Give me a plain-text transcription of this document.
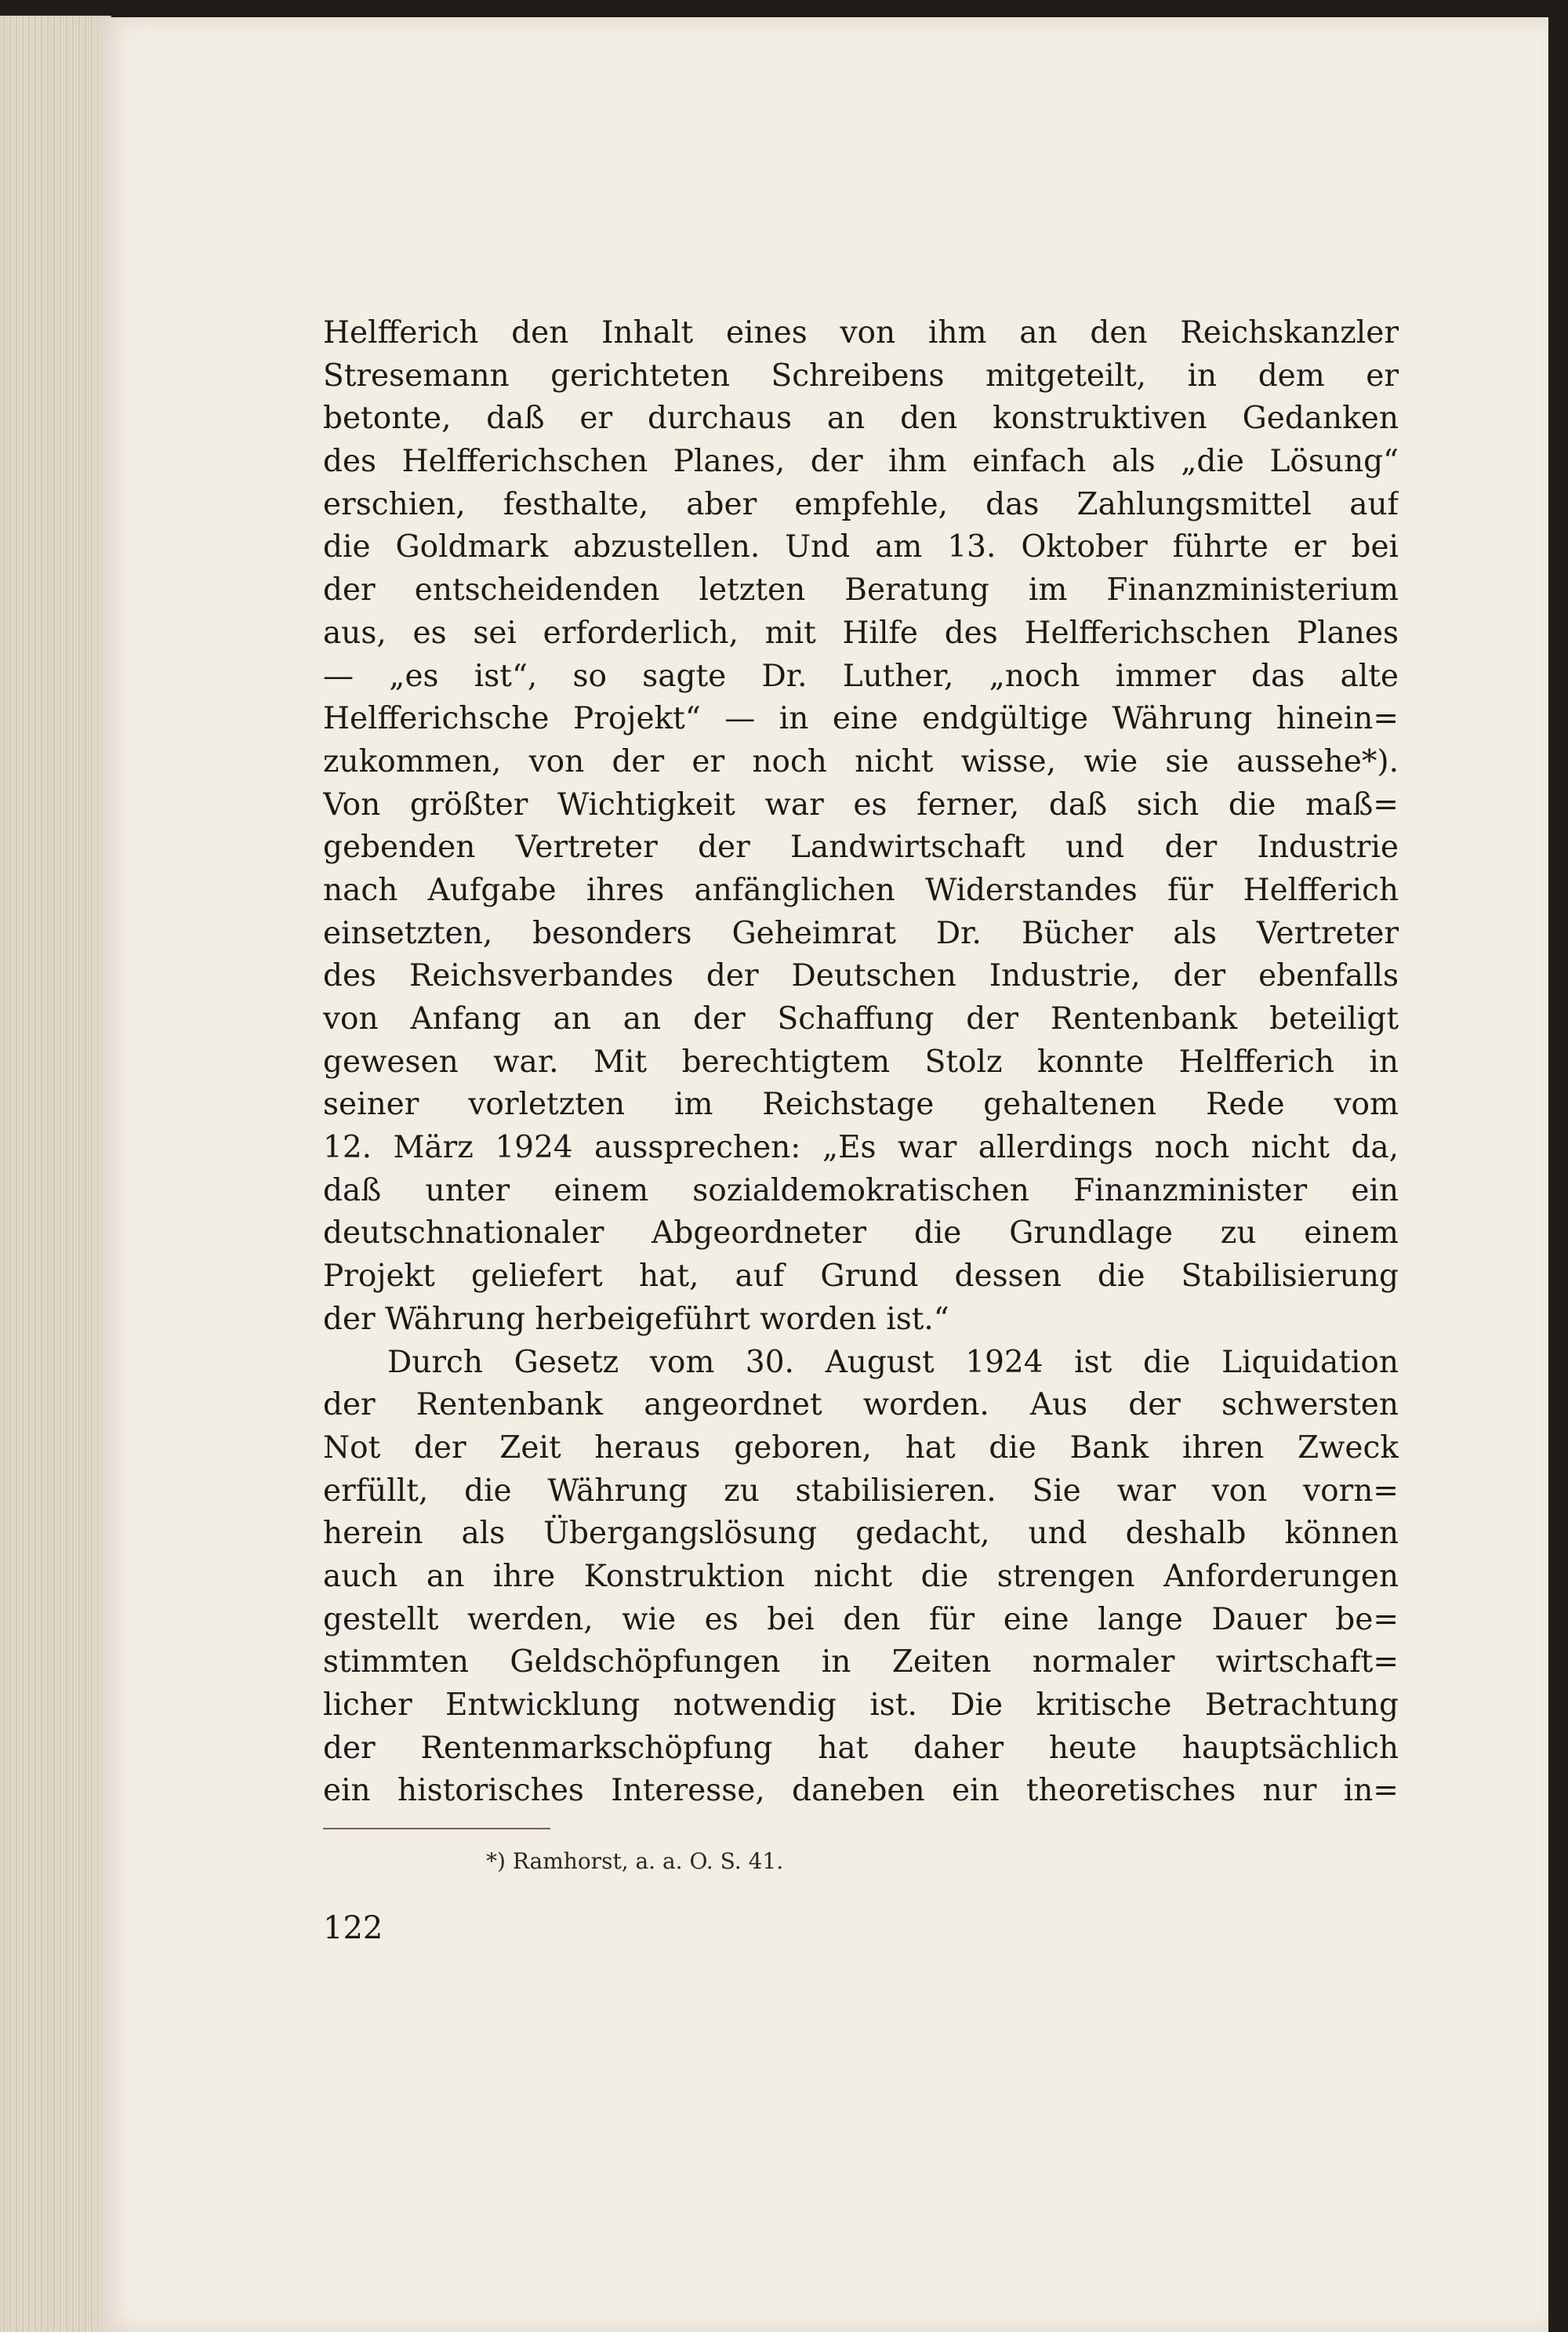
Helfferich den Inhalt eines von ihm an den Reichskanzler
Stresemann gerichteten Schreibens mitgeteilt, in dem er
betonte, daß er durchaus an den konstruktiven Gedanken
des Helfferichschen Planes, der ihm einfach als „die Lösung“
erschien, festhalte, aber empfehle, das Zahlungsmittel auf
die Goldmark abzustellen. Und am 13. Oktober führte er bei
der entscheidenden letzten Beratung im Finanzministerium
aus, es sei erforderlich, mit Hilfe des Helfferichschen Planes
— „es ist“, so sagte Dr. Luther, „noch immer das alte
Helfferichsche Projekt“ — in eine endgültige Währung hinein=
zukommen, von der er noch nicht wisse, wie sie aussehe*).
Von größter Wichtigkeit war es ferner, daß sich die maß=
gebenden Vertreter der Landwirtschaft und der Industrie
nach Aufgabe ihres anfänglichen Widerstandes für Helfferich
einsetzten, besonders Geheimrat Dr. Bücher als Vertreter
des Reichsverbandes der Deutschen Industrie, der ebenfalls
von Anfang an an der Schaffung der Rentenbank beteiligt
gewesen war. Mit berechtigtem Stolz konnte Helfferich in
seiner vorletzten im Reichstage gehaltenen Rede vom
12. März 1924 aussprechen: „Es war allerdings noch nicht da,
daß unter einem sozialdemokratischen Finanzminister ein
deutschnationaler Abgeordneter die Grundlage zu einem
Projekt geliefert hat, auf Grund dessen die Stabilisierung
der Währung herbeigeführt worden ist.“
Durch Gesetz vom 30. August 1924 ist die Liquidation
der Rentenbank angeordnet worden. Aus der schwersten
Not der Zeit heraus geboren, hat die Bank ihren Zweck
erfüllt, die Währung zu stabilisieren. Sie war von vorn=
herein als Übergangslösung gedacht, und deshalb können
auch an ihre Konstruktion nicht die strengen Anforderungen
gestellt werden, wie es bei den für eine lange Dauer be=
stimmten Geldschöpfungen in Zeiten normaler wirtschaft=
licher Entwicklung notwendig ist. Die kritische Betrachtung
der Rentenmarkschöpfung hat daher heute hauptsächlich
ein historisches Interesse, daneben ein theoretisches nur in=
*) Ramhorst, a. a. O. S. 41.
122
